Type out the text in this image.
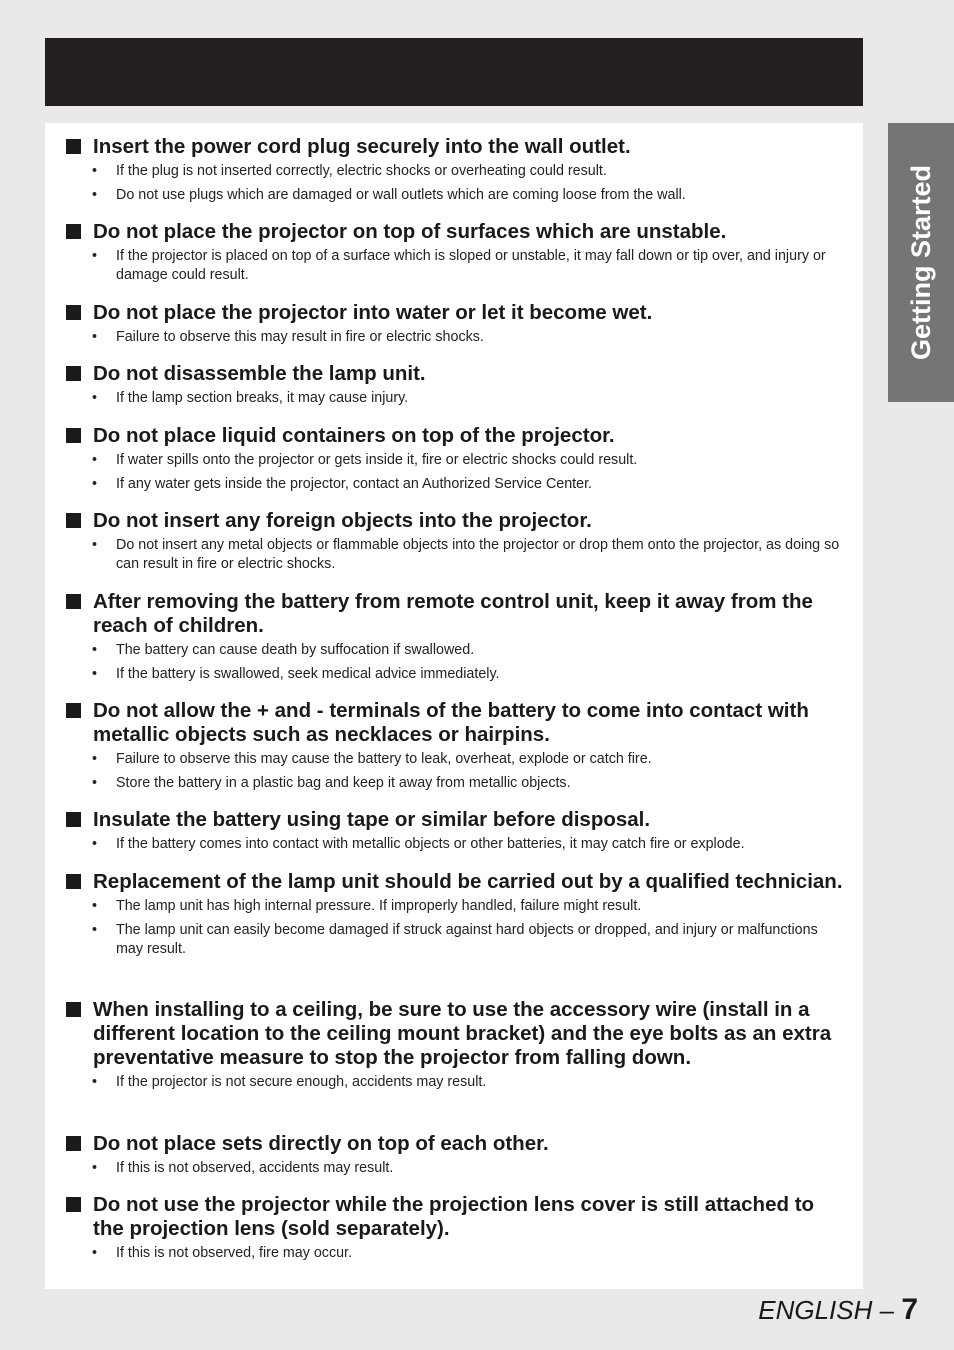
Getting Started
Insert the power cord plug securely into the wall outlet.
• If the plug is not inserted correctly, electric shocks or overheating could result.
• Do not use plugs which are damaged or wall outlets which are coming loose from the wall.
Do not place the projector on top of surfaces which are unstable.
• If the projector is placed on top of a surface which is sloped or unstable, it may fall down or tip over, and injury or damage could result.
Do not place the projector into water or let it become wet.
• Failure to observe this may result in fire or electric shocks.
Do not disassemble the lamp unit.
• If the lamp section breaks, it may cause injury.
Do not place liquid containers on top of the projector.
• If water spills onto the projector or gets inside it, fire or electric shocks could result.
• If any water gets inside the projector, contact an Authorized Service Center.
Do not insert any foreign objects into the projector.
• Do not insert any metal objects or flammable objects into the projector or drop them onto the projector, as doing so can result in fire or electric shocks.
After removing the battery from remote control unit, keep it away from the reach of children.
• The battery can cause death by suffocation if swallowed.
• If the battery is swallowed, seek medical advice immediately.
Do not allow the + and - terminals of the battery to come into contact with metallic objects such as necklaces or hairpins.
• Failure to observe this may cause the battery to leak, overheat, explode or catch fire.
• Store the battery in a plastic bag and keep it away from metallic objects.
Insulate the battery using tape or similar before disposal.
• If the battery comes into contact with metallic objects or other batteries, it may catch fire or explode.
Replacement of the lamp unit should be carried out by a qualified technician.
• The lamp unit has high internal pressure. If improperly handled, failure might result.
• The lamp unit can easily become damaged if struck against hard objects or dropped, and injury or malfunctions may result.
When installing to a ceiling, be sure to use the accessory wire (install in a different location to the ceiling mount bracket) and the eye bolts as an extra preventative measure to stop the projector from falling down.
• If the projector is not secure enough, accidents may result.
Do not place sets directly on top of each other.
• If this is not observed, accidents may result.
Do not use the projector while the projection lens cover is still attached to the projection lens (sold separately).
• If this is not observed, fire may occur.
ENGLISH – 7
